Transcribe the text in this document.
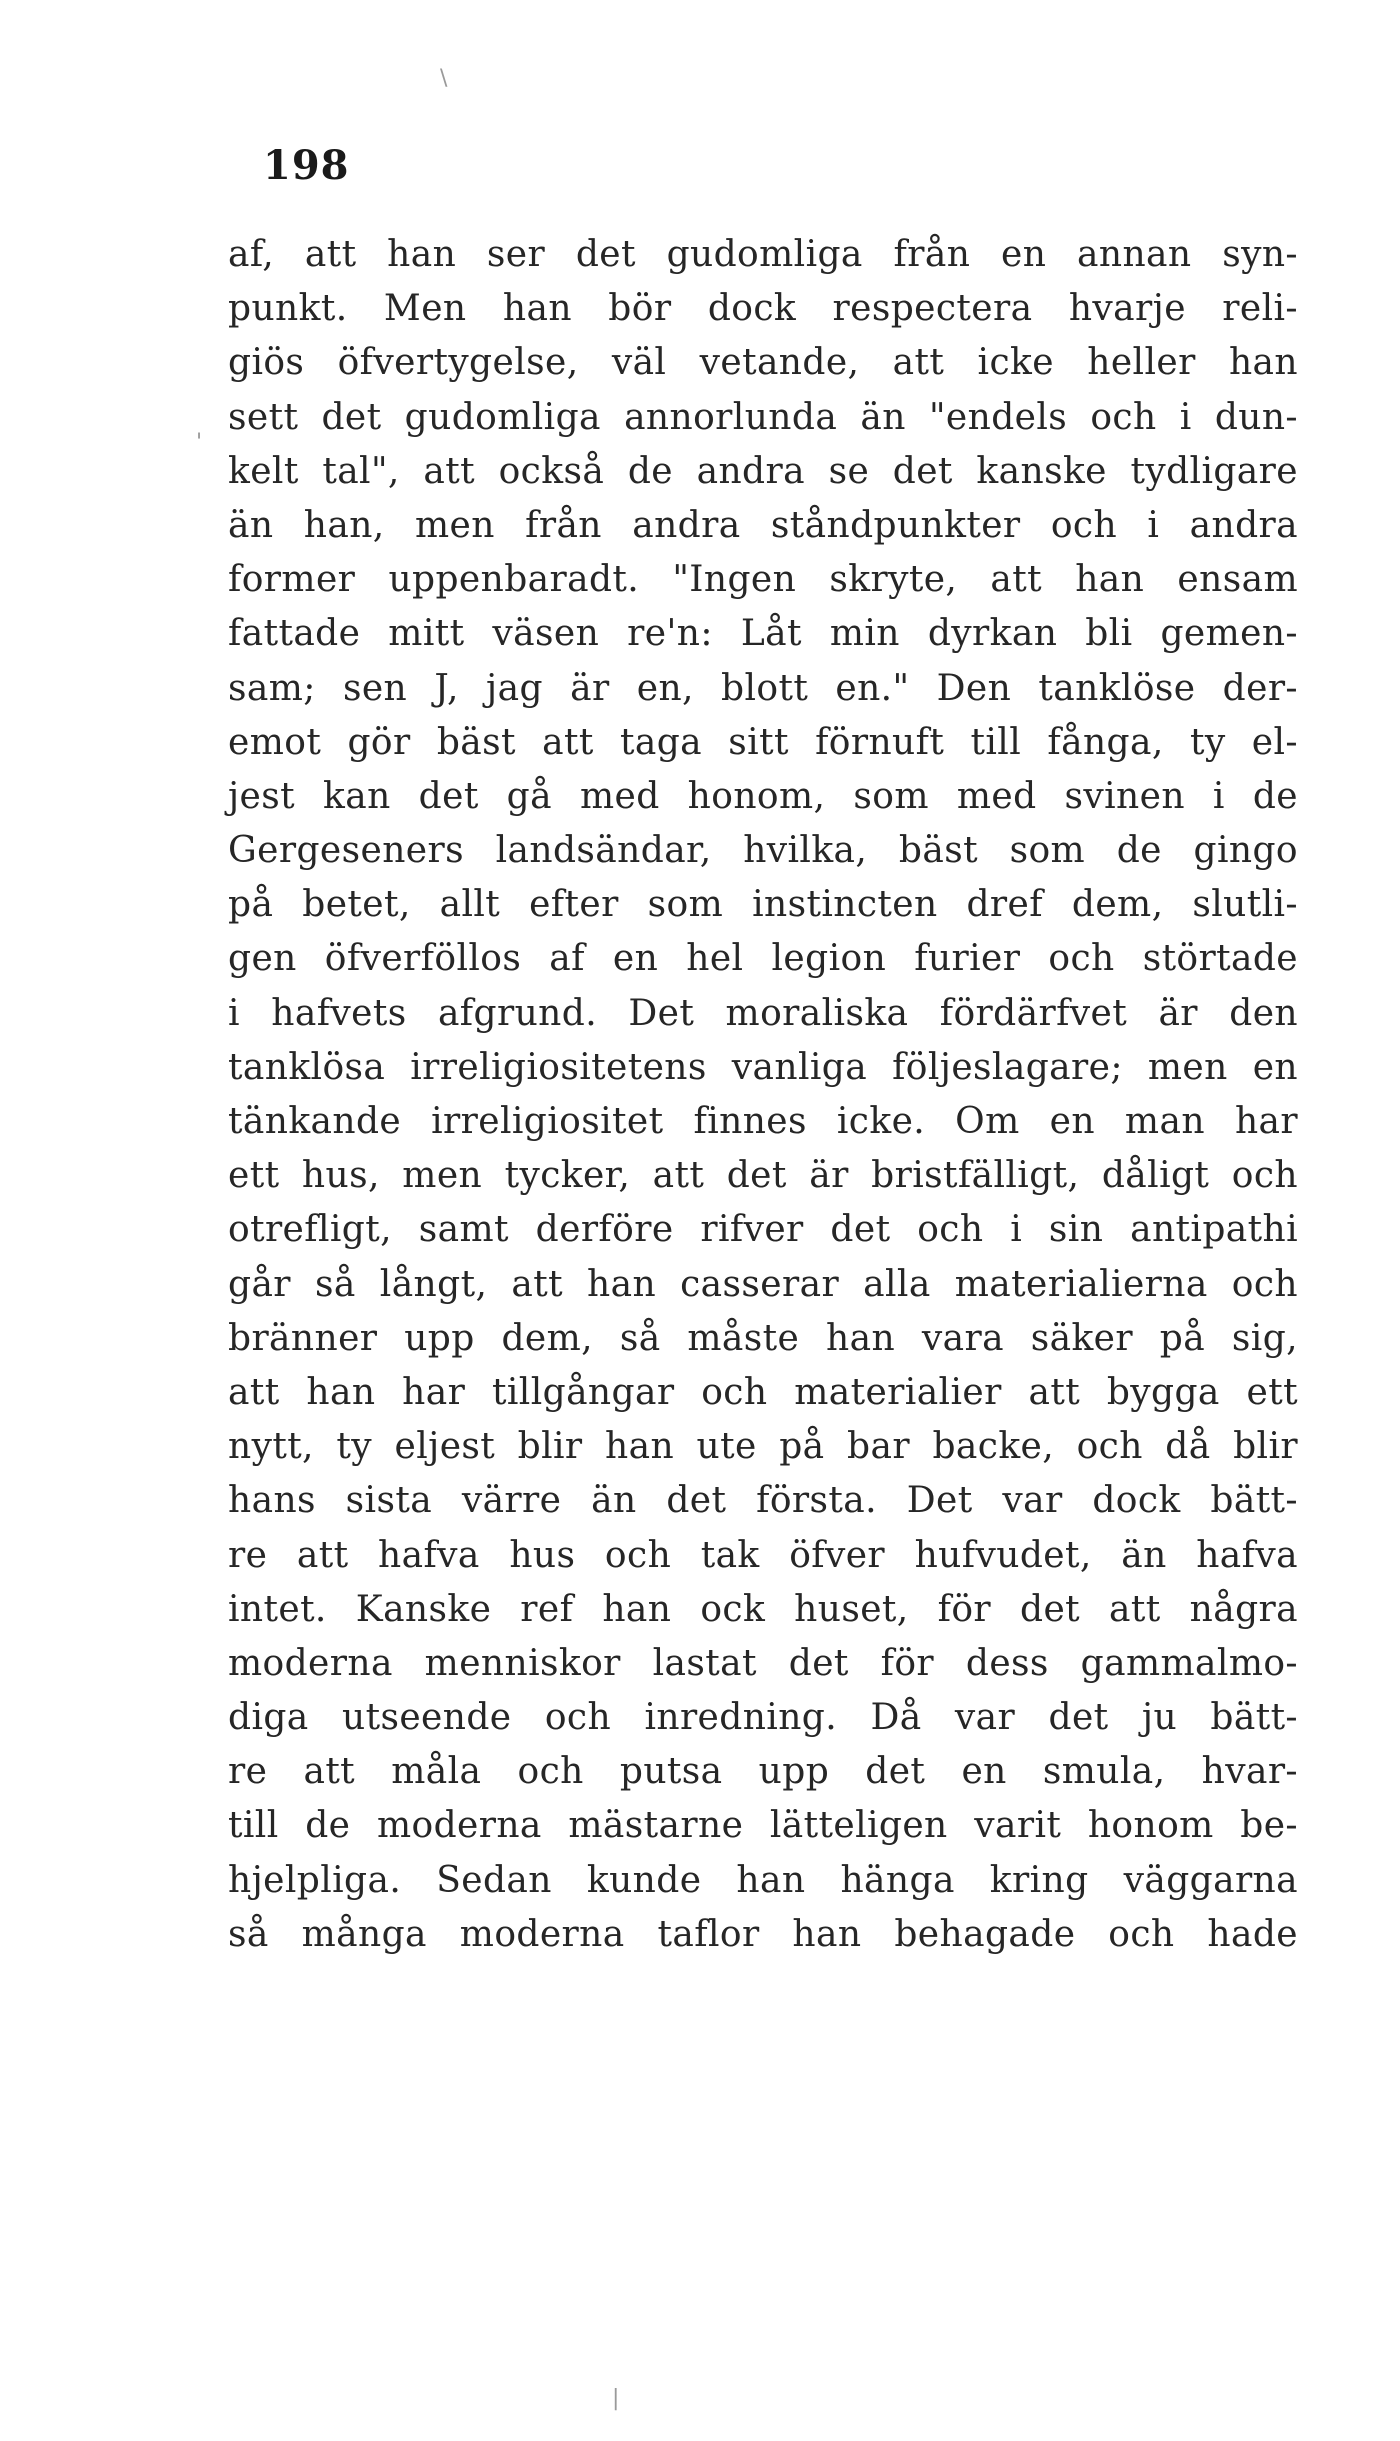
198
af, att han ser det gudomliga från en annan syn-
punkt. Men han bör dock respectera hvarje reli-
giös öfvertygelse, väl vetande, att icke heller han
sett det gudomliga annorlunda än "endels och i dun-
kelt tal", att också de andra se det kanske tydligare
än han, men från andra ståndpunkter och i andra
former uppenbaradt. "Ingen skryte, att han ensam
fattade mitt väsen re'n: Låt min dyrkan bli gemen-
sam; sen J, jag är en, blott en." Den tanklöse der-
emot gör bäst att taga sitt förnuft till fånga, ty el-
jest kan det gå med honom, som med svinen i de
Gergeseners landsändar, hvilka, bäst som de gingo
på betet, allt efter som instincten dref dem, slutli-
gen öfverföllos af en hel legion furier och störtade
i hafvets afgrund. Det moraliska fördärfvet är den
tanklösa irreligiositetens vanliga följeslagare; men en
tänkande irreligiositet finnes icke. Om en man har
ett hus, men tycker, att det är bristfälligt, dåligt och
otrefligt, samt derföre rifver det och i sin antipathi
går så långt, att han casserar alla materialierna och
bränner upp dem, så måste han vara säker på sig,
att han har tillgångar och materialier att bygga ett
nytt, ty eljest blir han ute på bar backe, och då blir
hans sista värre än det första. Det var dock bätt-
re att hafva hus och tak öfver hufvudet, än hafva
intet. Kanske ref han ock huset, för det att några
moderna menniskor lastat det för dess gammalmo-
diga utseende och inredning. Då var det ju bätt-
re att måla och putsa upp det en smula, hvar-
till de moderna mästarne lätteligen varit honom be-
hjelpliga. Sedan kunde han hänga kring väggarna
så många moderna taflor han behagade och hade
\
'
|
